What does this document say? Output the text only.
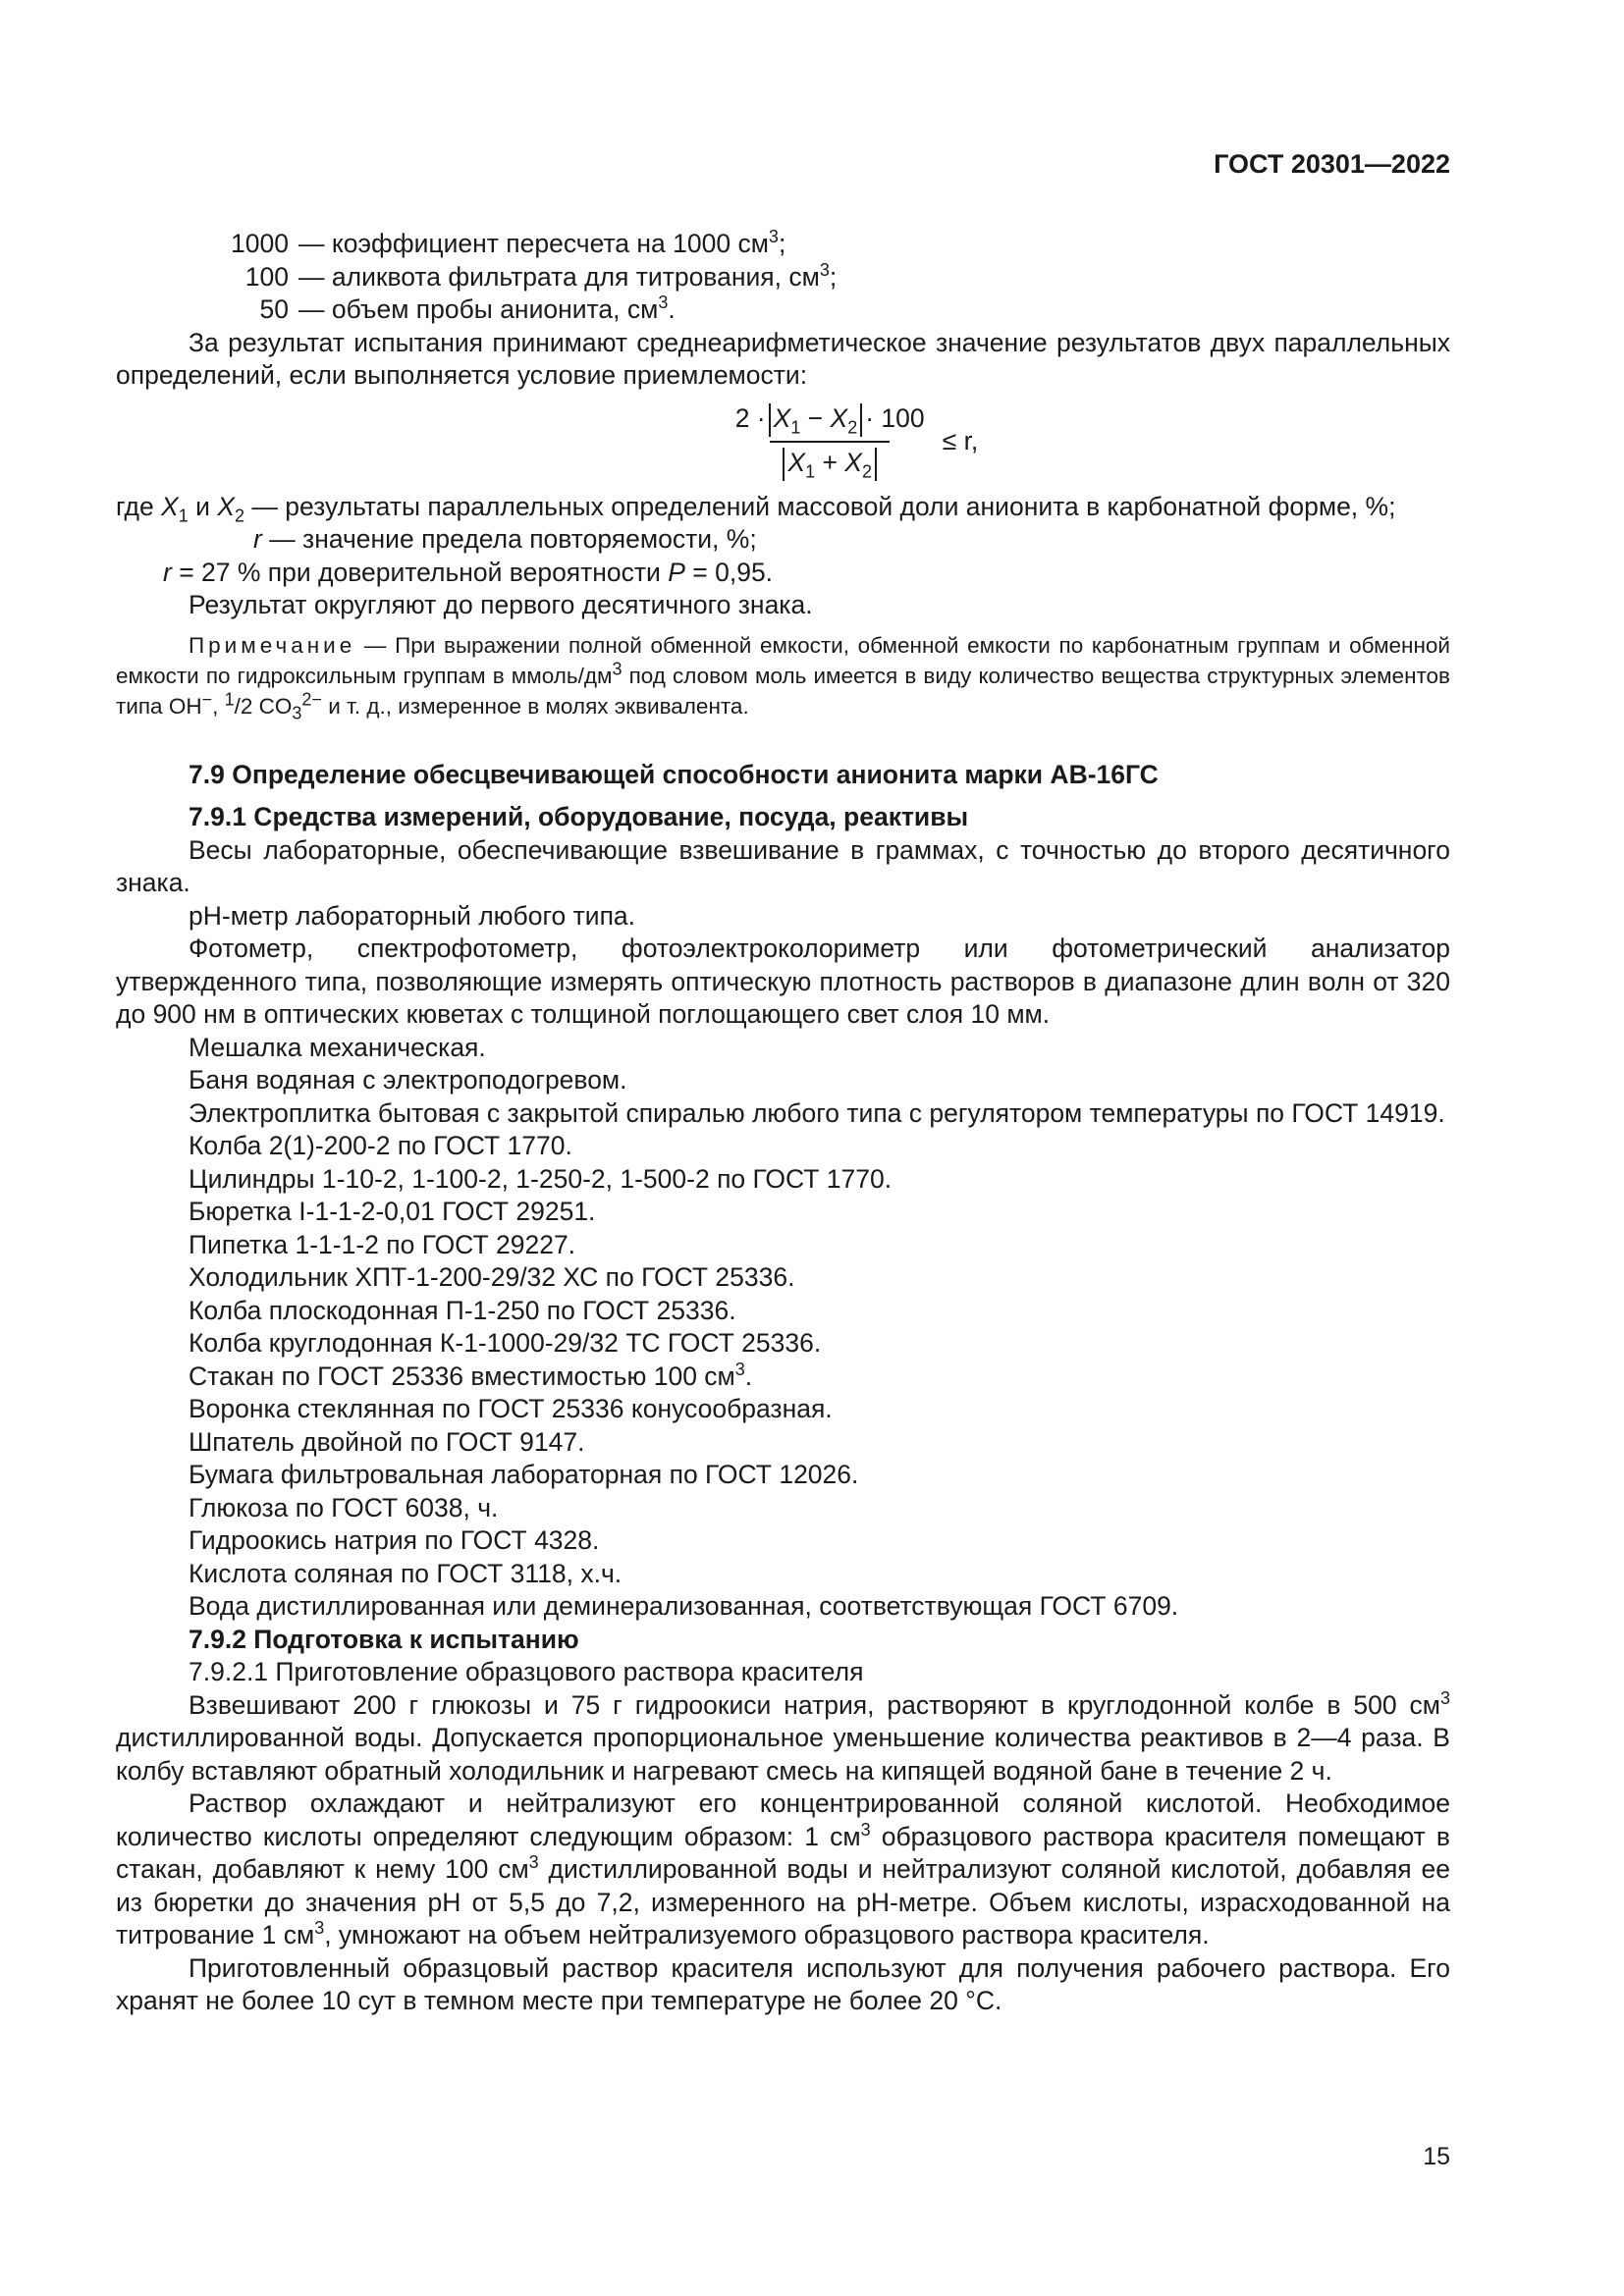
ГОСТ 20301—2022
1000 — коэффициент пересчета на 1000 $см^3$;
100 — аликвота фильтрата для титрования, $см^3$;
50 — объем пробы анионита, $см^3$.

За результат испытания принимают среднеарифметическое значение результатов двух параллельных определений, если выполняется условие приемлемости:

$\frac{2 \cdot X_1 - X_2 \cdot 100}{X_1 + X_2} \le r$,

где $X_1$ и $X_2$ — результаты параллельных определений массовой доли анионита в карбонатной форме, %;

r — значение предела повторяемости, %;

r = 27 % при доверительной вероятности P = 0,95.

Результат округляют до первого десятичного знака.

Примечание — При выражении полной обменной емкости, обменной емкости по карбонатным группам и обменной емкости по гидроксильным группам в ммоль/$дм^3$ под словом моль имеется в виду количество вещества структурных элементов типа OH−, $^1$/2 $CO_3^{2-}$ и т. д., измеренное в молях эквивалента.

7.9 Определение обесцвечивающей способности анионита марки АВ-16ГС

7.9.1 Средства измерений, оборудование, посуда, реактивы

Весы лабораторные, обеспечивающие взвешивание в граммах, с точностью до второго десятичного знака.

pH-метр лабораторный любого типа.

Фотометр, спектрофотометр, фотоэлектроколориметр или фотометрический анализатор утвержденного типа, позволяющие измерять оптическую плотность растворов в диапазоне длин волн от 320 до 900 нм в оптических кюветах с толщиной поглощающего свет слоя 10 мм.

Мешалка механическая.

Баня водяная с электроподогревом.

Электроплитка бытовая с закрытой спиралью любого типа с регулятором температуры по ГОСТ 14919.

Колба 2(1)-200-2 по ГОСТ 1770.

Цилиндры 1-10-2, 1-100-2, 1-250-2, 1-500-2 по ГОСТ 1770.

Бюретка I-1-1-2-0,01 ГОСТ 29251.

Пипетка 1-1-1-2 по ГОСТ 29227.

Холодильник ХПТ-1-200-29/32 ХС по ГОСТ 25336.

Колба плоскодонная П-1-250 по ГОСТ 25336.

Колба круглодонная К-1-1000-29/32 ТС ГОСТ 25336.

Стакан по ГОСТ 25336 вместимостью 100 $см^3$.

Воронка стеклянная по ГОСТ 25336 конусообразная.

Шпатель двойной по ГОСТ 9147.

Бумага фильтровальная лабораторная по ГОСТ 12026.

Глюкоза по ГОСТ 6038, ч.

Гидроокись натрия по ГОСТ 4328.

Кислота соляная по ГОСТ 3118, х.ч.

Вода дистиллированная или деминерализованная, соответствующая ГОСТ 6709.

7.9.2 Подготовка к испытанию

7.9.2.1 Приготовление образцового раствора красителя

Взвешивают 200 г глюкозы и 75 г гидроокиси натрия, растворяют в круглодонной колбе в 500 $см^3$ дистиллированной воды. Допускается пропорциональное уменьшение количества реактивов в 2—4 раза. В колбу вставляют обратный холодильник и нагревают смесь на кипящей водяной бане в течение 2 ч.

Раствор охлаждают и нейтрализуют его концентрированной соляной кислотой. Необходимое количество кислоты определяют следующим образом: 1 $см^3$ образцового раствора красителя помещают в стакан, добавляют к нему 100 $см^3$ дистиллированной воды и нейтрализуют соляной кислотой, добавляя ее из бюретки до значения pH от 5,5 до 7,2, измеренного на pH-метре. Объем кислоты, израсходованной на титрование 1 $см^3$, умножают на объем нейтрализуемого образцового раствора красителя.

Приготовленный образцовый раствор красителя используют для получения рабочего раствора. Его хранят не более 10 сут в темном месте при температуре не более 20 °С.

15
